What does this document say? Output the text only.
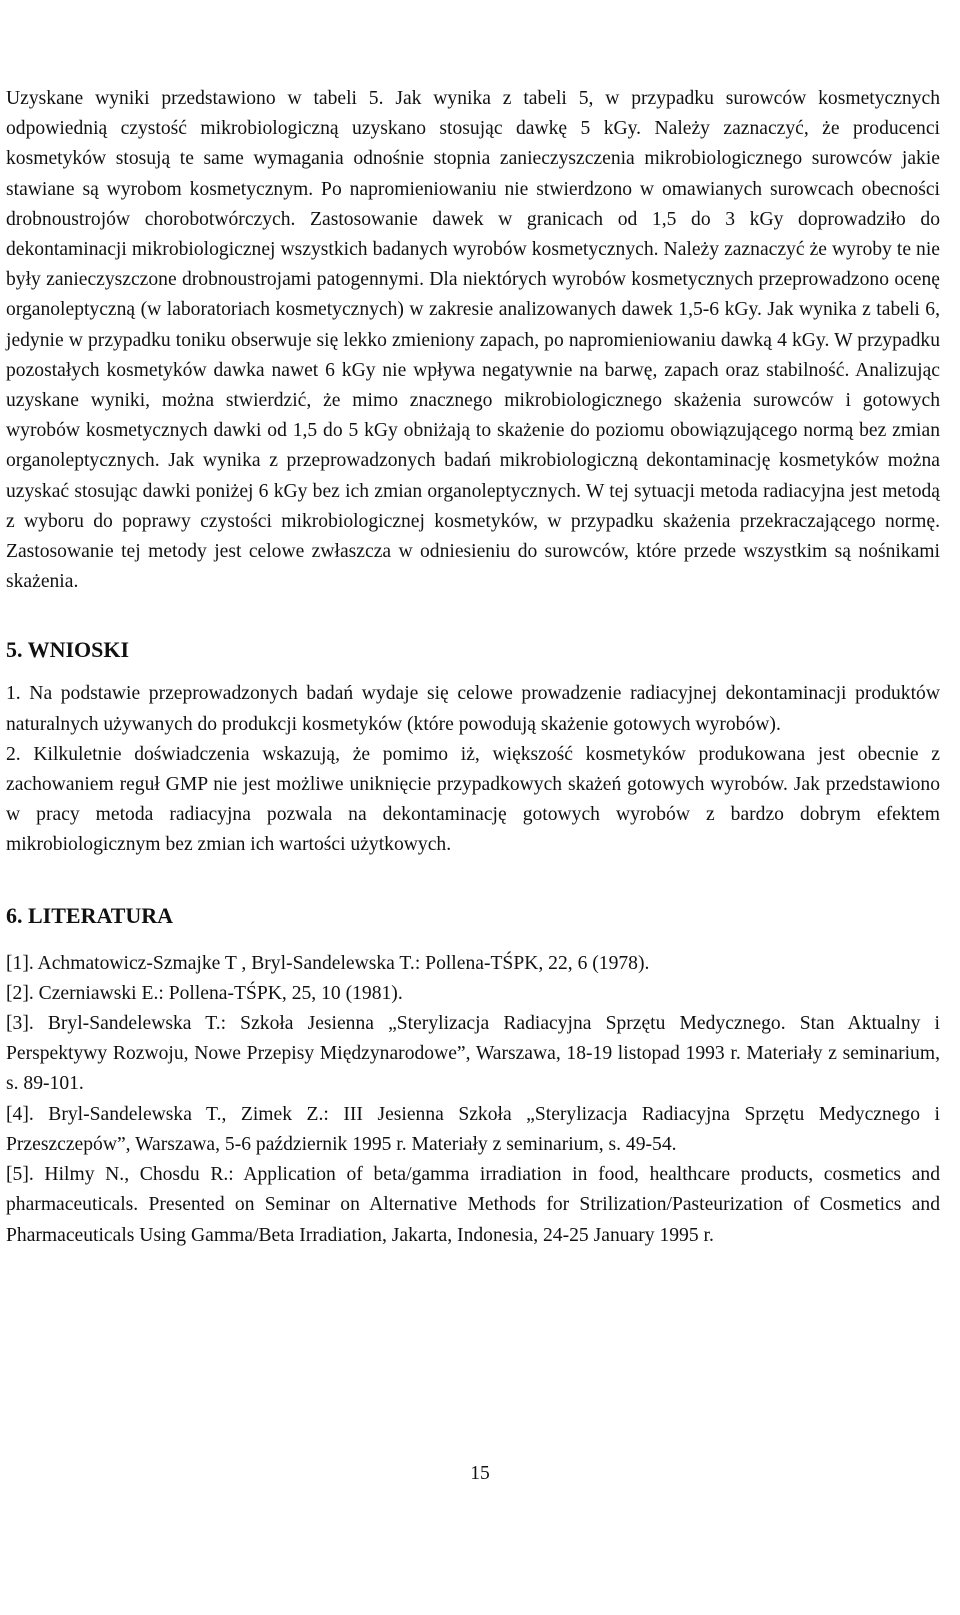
Uzyskane wyniki przedstawiono w tabeli 5. Jak wynika z tabeli 5, w przypadku surowców kosmetycznych odpowiednią czystość mikrobiologiczną uzyskano stosując dawkę 5 kGy. Należy zaznaczyć, że producenci kosmetyków stosują te same wymagania odnośnie stopnia zanieczyszczenia mikrobiologicznego surowców jakie stawiane są wyrobom kosmetycznym. Po napromieniowaniu nie stwierdzono w omawianych surowcach obecności drobnoustrojów chorobotwórczych. Zastosowanie dawek w granicach od 1,5 do 3 kGy doprowadziło do dekontaminacji mikrobiologicznej wszystkich badanych wyrobów kosmetycznych. Należy zaznaczyć że wyroby te nie były zanieczyszczone drobnoustrojami patogennymi. Dla niektórych wyrobów kosmetycznych przeprowadzono ocenę organoleptyczną (w laboratoriach kosmetycznych) w zakresie analizowanych dawek 1,5-6 kGy. Jak wynika z tabeli 6, jedynie w przypadku toniku obserwuje się lekko zmieniony zapach, po napromieniowaniu dawką 4 kGy. W przypadku pozostałych kosmetyków dawka nawet 6 kGy nie wpływa negatywnie na barwę, zapach oraz stabilność. Analizując uzyskane wyniki, można stwierdzić, że mimo znacznego mikrobiologicznego skażenia surowców i gotowych wyrobów kosmetycznych dawki od 1,5 do 5 kGy obniżają to skażenie do poziomu obowiązującego normą bez zmian organoleptycznych. Jak wynika z przeprowadzonych badań mikrobiologiczną dekontaminację kosmetyków można uzyskać stosując dawki poniżej 6 kGy bez ich zmian organoleptycznych. W tej sytuacji metoda radiacyjna jest metodą z wyboru do poprawy czystości mikrobiologicznej kosmetyków, w przypadku skażenia przekraczającego normę. Zastosowanie tej metody jest celowe zwłaszcza w odniesieniu do surowców, które przede wszystkim są nośnikami skażenia.

5. WNIOSKI

1. Na podstawie przeprowadzonych badań wydaje się celowe prowadzenie radiacyjnej dekontaminacji produktów naturalnych używanych do produkcji kosmetyków (które powodują skażenie gotowych wyrobów).

2. Kilkuletnie doświadczenia wskazują, że pomimo iż, większość kosmetyków produkowana jest obecnie z zachowaniem reguł GMP nie jest możliwe uniknięcie przypadkowych skażeń gotowych wyrobów. Jak przedstawiono w pracy metoda radiacyjna pozwala na dekontaminację gotowych wyrobów z bardzo dobrym efektem mikrobiologicznym bez zmian ich wartości użytkowych.

6. LITERATURA

[1]. Achmatowicz-Szmajke T , Bryl-Sandelewska T.: Pollena-TŚPK, 22, 6 (1978).

[2]. Czerniawski E.: Pollena-TŚPK, 25, 10 (1981).

[3]. Bryl-Sandelewska T.: Szkoła Jesienna „Sterylizacja Radiacyjna Sprzętu Medycznego. Stan Aktualny i Perspektywy Rozwoju, Nowe Przepisy Międzynarodowe”, Warszawa, 18-19 listopad 1993 r. Materiały z seminarium, s. 89-101.

[4]. Bryl-Sandelewska T., Zimek Z.: III Jesienna Szkoła „Sterylizacja Radiacyjna Sprzętu Medycznego i Przeszczepów”, Warszawa, 5-6 październik 1995 r. Materiały z seminarium, s. 49-54.

[5]. Hilmy N., Chosdu R.: Application of beta/gamma irradiation in food, healthcare products, cosmetics and pharmaceuticals. Presented on Seminar on Alternative Methods for Strilization/Pasteurization of Cosmetics and Pharmaceuticals Using Gamma/Beta Irradiation, Jakarta, Indonesia, 24-25 January 1995 r.

15
